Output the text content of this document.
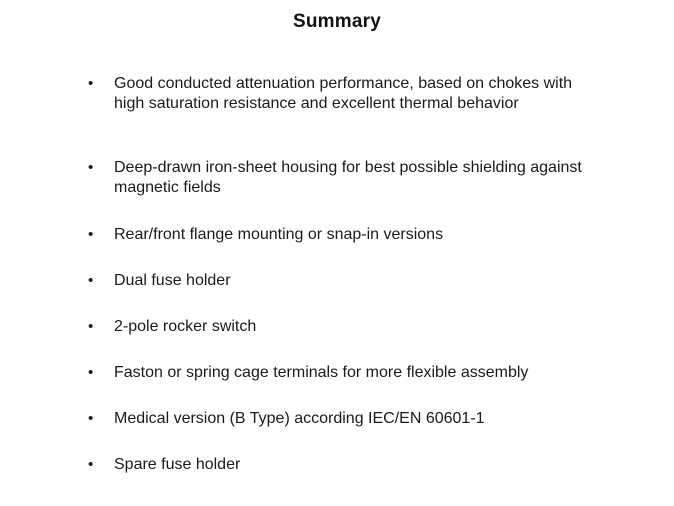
Summary
• Good conducted attenuation performance, based on chokes with high saturation resistance and excellent thermal behavior
• Deep-drawn iron-sheet housing for best possible shielding against magnetic fields
• Rear/front flange mounting or snap-in versions
• Dual fuse holder
• 2-pole rocker switch
• Faston or spring cage terminals for more flexible assembly
• Medical version (B Type) according IEC/EN 60601-1
• Spare fuse holder
